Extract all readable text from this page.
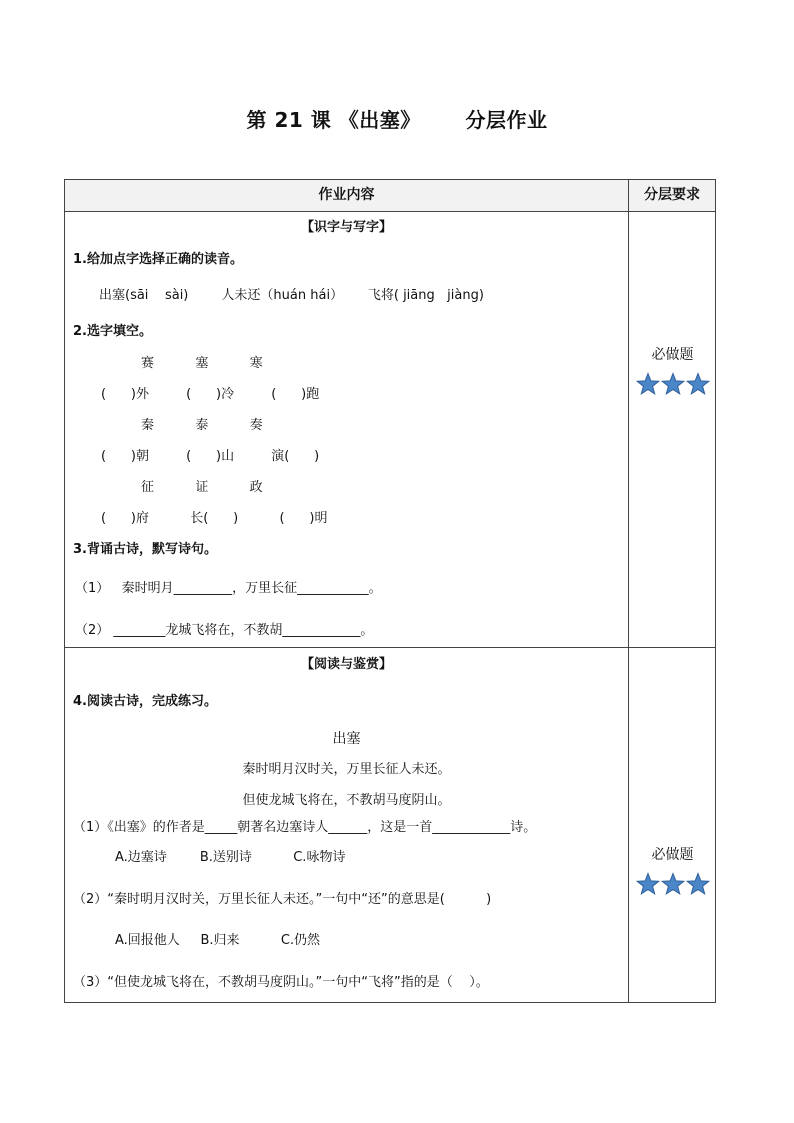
第 21 课 《出塞》      分层作业
作业内容	分层要求
【识字与写字】
1.给加点字选择正确的读音。
出塞(sāi    sài)        人未还（huán hái）      飞将( jiāng   jiàng)
2.选字填空。
赛          塞          寒
(      )外         (      )冷         (      )跑
秦          泰          奏
(      )朝         (      )山         演(      )
征          证          政
(      )府          长(      )          (      )明
3.背诵古诗，默写诗句。
（1）   秦时明月_________，万里长征___________。
（2） ________龙城飞将在，不教胡____________。
必做题
【阅读与鉴赏】
4.阅读古诗，完成练习。
出塞
秦时明月汉时关，万里长征人未还。
但使龙城飞将在，不教胡马度阴山。
（1）《出塞》的作者是_____朝著名边塞诗人______，这是一首____________诗。
A.边塞诗        B.送别诗          C.咏物诗
（2）“秦时明月汉时关，万里长征人未还。”一句中“还”的意思是(          )
A.回报他人     B.归来          C.仍然
（3）“但使龙城飞将在，不教胡马度阴山。”一句中“飞将”指的是（    ）。
必做题
